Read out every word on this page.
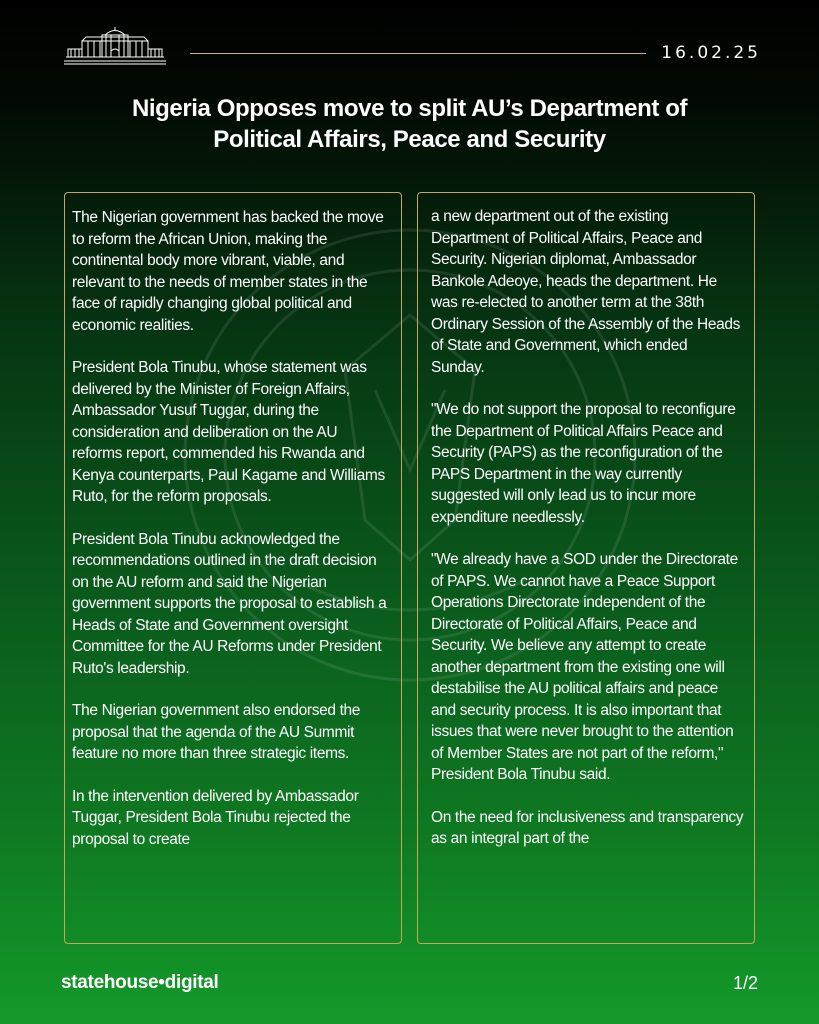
16.02.25
Nigeria Opposes move to split AU’s Department of
Political Affairs, Peace and Security

The Nigerian government has backed the move to reform the African Union, making the continental body more vibrant, viable, and relevant to the needs of member states in the face of rapidly changing global political and economic realities.

President Bola Tinubu, whose statement was delivered by the Minister of Foreign Affairs, Ambassador Yusuf Tuggar, during the consideration and deliberation on the AU reforms report, commended his Rwanda and Kenya counterparts, Paul Kagame and Williams Ruto, for the reform proposals.

President Bola Tinubu acknowledged the recommendations outlined in the draft decision on the AU reform and said the Nigerian government supports the proposal to establish a Heads of State and Government oversight Committee for the AU Reforms under President Ruto's leadership.

The Nigerian government also endorsed the proposal that the agenda of the AU Summit feature no more than three strategic items.

In the intervention delivered by Ambassador Tuggar, President Bola Tinubu rejected the proposal to create

a new department out of the existing Department of Political Affairs, Peace and Security. Nigerian diplomat, Ambassador Bankole Adeoye, heads the department. He was re-elected to another term at the 38th Ordinary Session of the Assembly of the Heads of State and Government, which ended Sunday.

"We do not support the proposal to reconfigure the Department of Political Affairs Peace and Security (PAPS) as the reconfiguration of the PAPS Department in the way currently suggested will only lead us to incur more expenditure needlessly.

"We already have a SOD under the Directorate of PAPS. We cannot have a Peace Support Operations Directorate independent of the Directorate of Political Affairs, Peace and Security. We believe any attempt to create another department from the existing one will destabilise the AU political affairs and peace and security process. It is also important that issues that were never brought to the attention of Member States are not part of the reform," President Bola Tinubu said.

On the need for inclusiveness and transparency as an integral part of the

statehouse•digital	1/2
